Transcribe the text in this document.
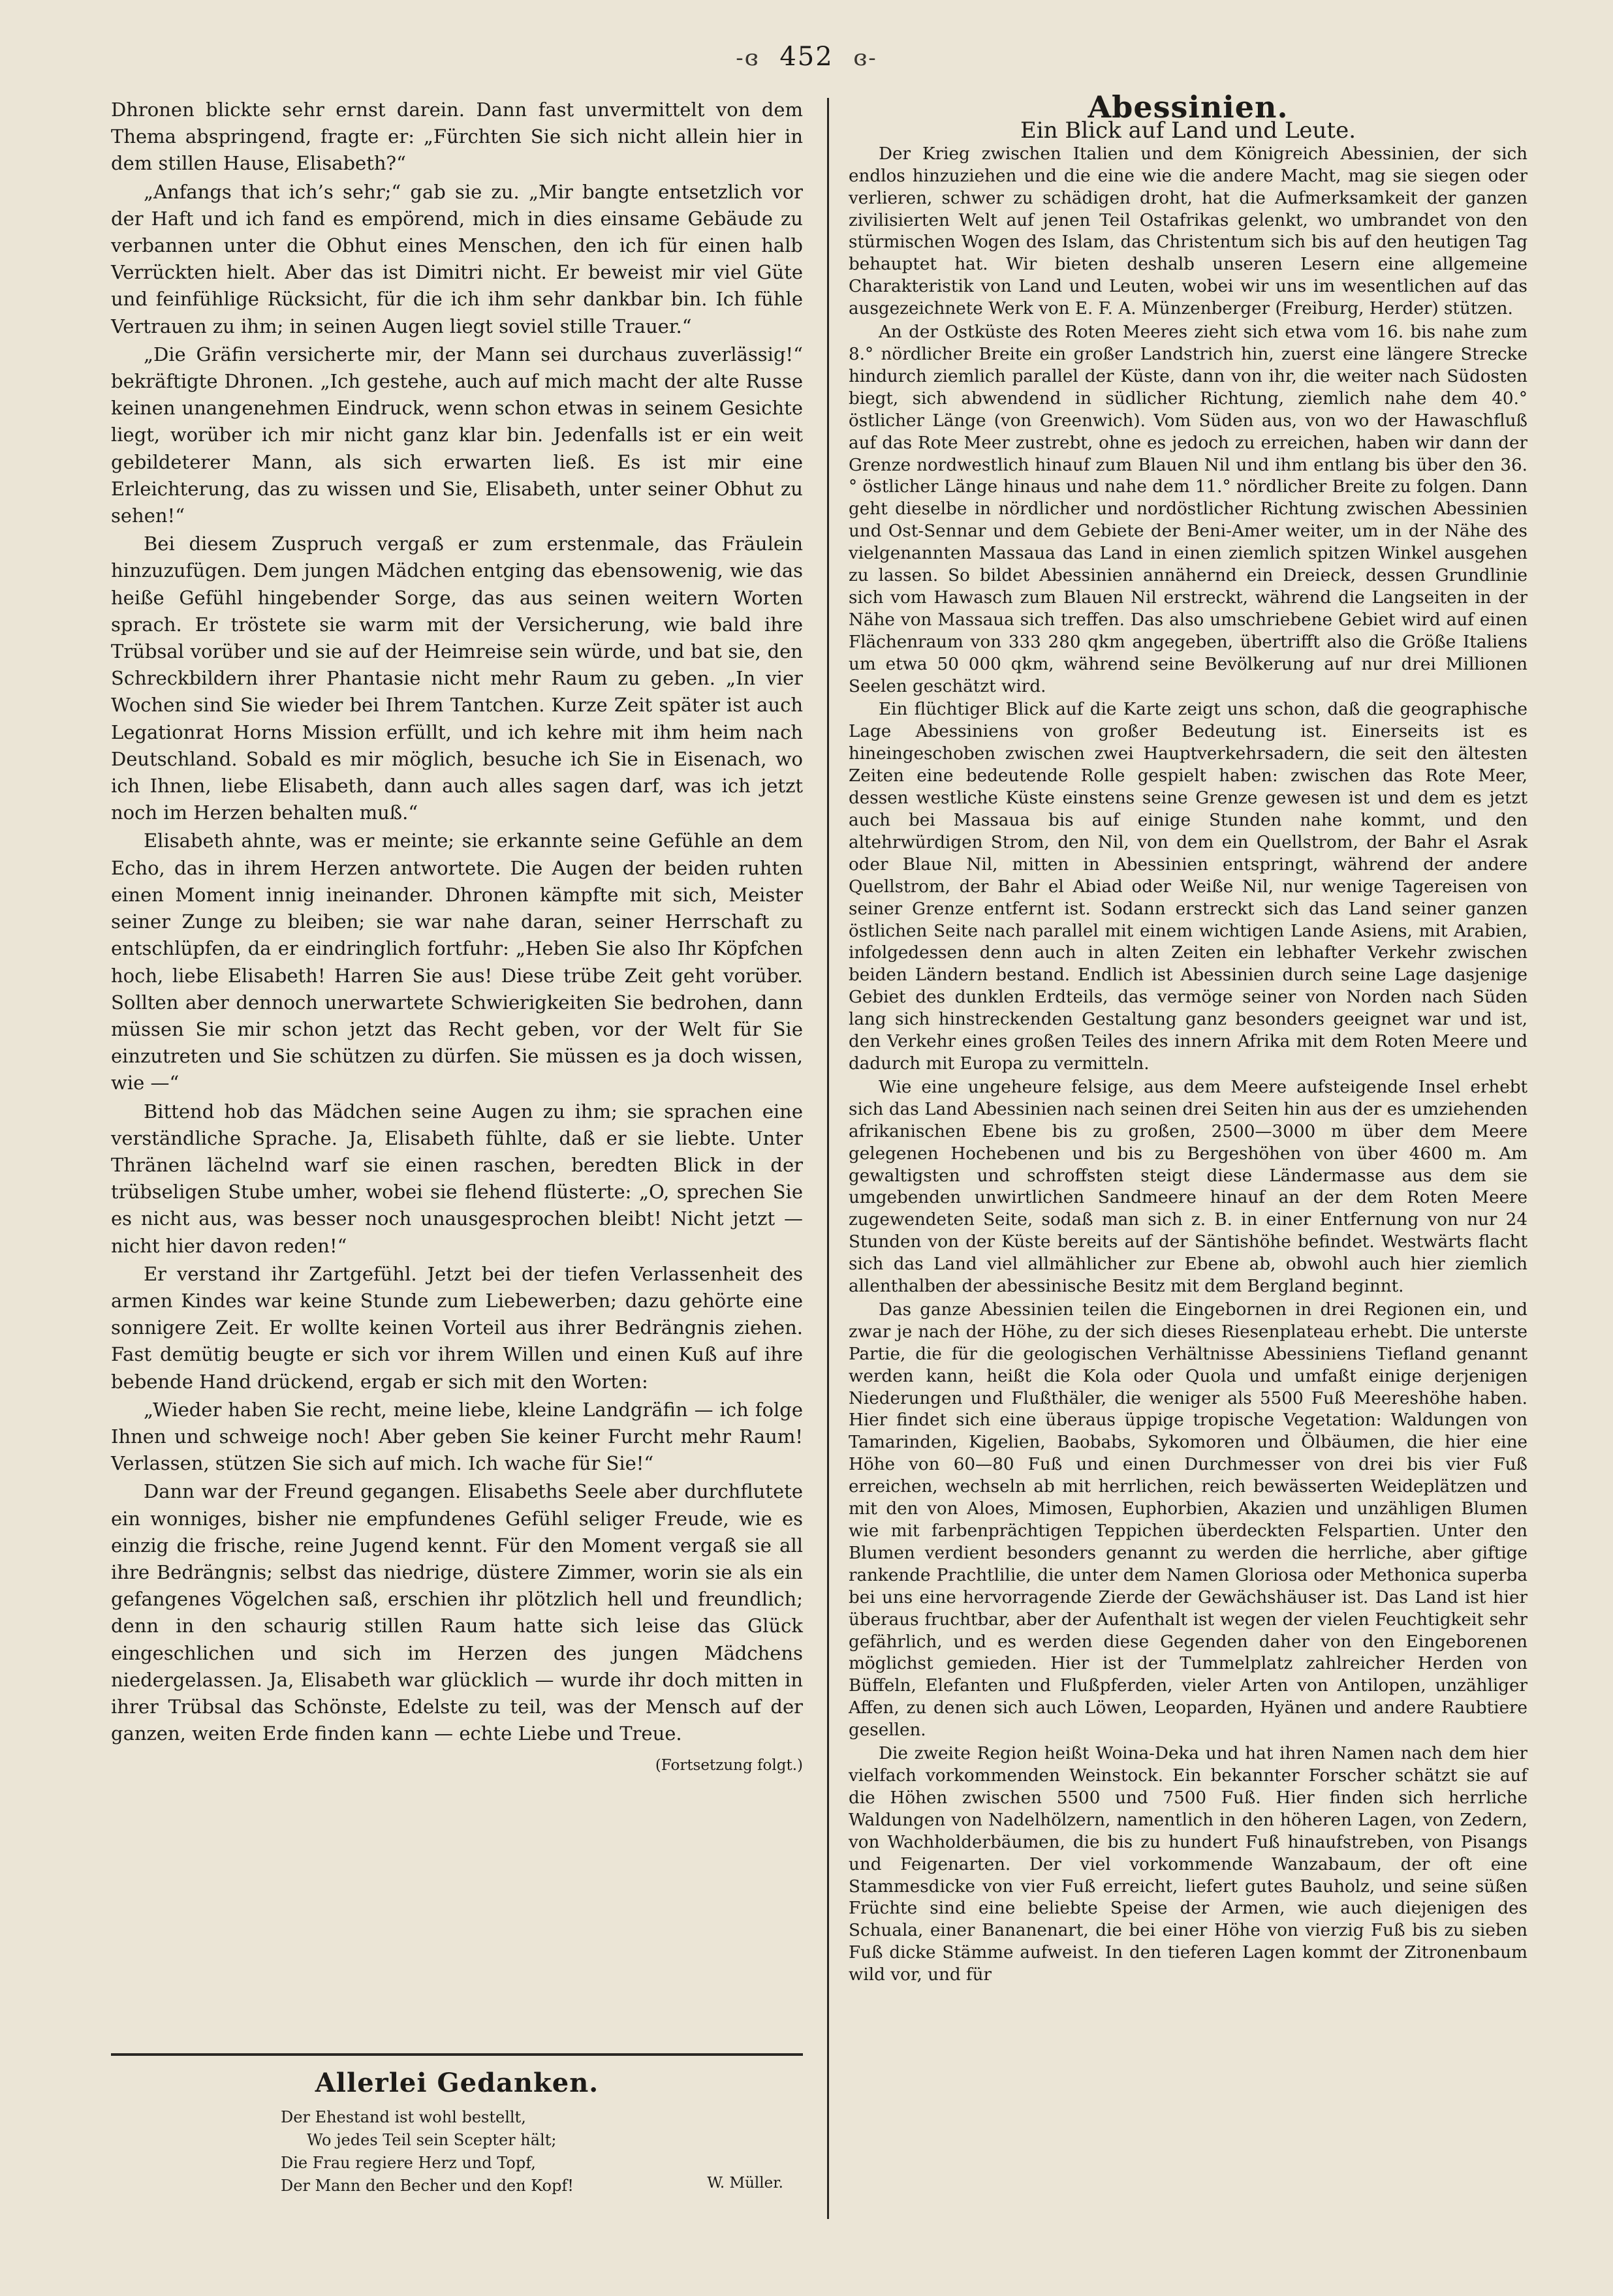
-ɞ 452 ɞ-

Dhronen blickte sehr ernst darein. Dann fast unvermittelt von dem Thema abspringend, fragte er: „Fürchten Sie sich nicht allein hier in dem stillen Hause, Elisabeth?“

„Anfangs that ich’s sehr;“ gab sie zu. „Mir bangte entsetzlich vor der Haft und ich fand es empörend, mich in dies einsame Gebäude zu verbannen unter die Obhut eines Menschen, den ich für einen halb Verrückten hielt. Aber das ist Dimitri nicht. Er beweist mir viel Güte und feinfühlige Rücksicht, für die ich ihm sehr dankbar bin. Ich fühle Vertrauen zu ihm; in seinen Augen liegt soviel stille Trauer.“

„Die Gräfin versicherte mir, der Mann sei durchaus zuverlässig!“ bekräftigte Dhronen. „Ich gestehe, auch auf mich macht der alte Russe keinen unangenehmen Eindruck, wenn schon etwas in seinem Gesichte liegt, worüber ich mir nicht ganz klar bin. Jedenfalls ist er ein weit gebildeterer Mann, als sich erwarten ließ. Es ist mir eine Erleichterung, das zu wissen und Sie, Elisabeth, unter seiner Obhut zu sehen!“

Bei diesem Zuspruch vergaß er zum erstenmale, das Fräulein hinzuzufügen. Dem jungen Mädchen entging das ebensowenig, wie das heiße Gefühl hingebender Sorge, das aus seinen weitern Worten sprach. Er tröstete sie warm mit der Versicherung, wie bald ihre Trübsal vorüber und sie auf der Heimreise sein würde, und bat sie, den Schreckbildern ihrer Phantasie nicht mehr Raum zu geben. „In vier Wochen sind Sie wieder bei Ihrem Tantchen. Kurze Zeit später ist auch Legationrat Horns Mission erfüllt, und ich kehre mit ihm heim nach Deutschland. Sobald es mir möglich, besuche ich Sie in Eisenach, wo ich Ihnen, liebe Elisabeth, dann auch alles sagen darf, was ich jetzt noch im Herzen behalten muß.“

Elisabeth ahnte, was er meinte; sie erkannte seine Gefühle an dem Echo, das in ihrem Herzen antwortete. Die Augen der beiden ruhten einen Moment innig ineinander. Dhronen kämpfte mit sich, Meister seiner Zunge zu bleiben; sie war nahe daran, seiner Herrschaft zu entschlüpfen, da er eindringlich fortfuhr: „Heben Sie also Ihr Köpfchen hoch, liebe Elisabeth! Harren Sie aus! Diese trübe Zeit geht vorüber. Sollten aber dennoch unerwartete Schwierigkeiten Sie bedrohen, dann müssen Sie mir schon jetzt das Recht geben, vor der Welt für Sie einzutreten und Sie schützen zu dürfen. Sie müssen es ja doch wissen, wie —“

Bittend hob das Mädchen seine Augen zu ihm; sie sprachen eine verständliche Sprache. Ja, Elisabeth fühlte, daß er sie liebte. Unter Thränen lächelnd warf sie einen raschen, beredten Blick in der trübseligen Stube umher, wobei sie flehend flüsterte: „O, sprechen Sie es nicht aus, was besser noch unausgesprochen bleibt! Nicht jetzt — nicht hier davon reden!“

Er verstand ihr Zartgefühl. Jetzt bei der tiefen Verlassenheit des armen Kindes war keine Stunde zum Liebewerben; dazu gehörte eine sonnigere Zeit. Er wollte keinen Vorteil aus ihrer Bedrängnis ziehen. Fast demütig beugte er sich vor ihrem Willen und einen Kuß auf ihre bebende Hand drückend, ergab er sich mit den Worten:

„Wieder haben Sie recht, meine liebe, kleine Landgräfin — ich folge Ihnen und schweige noch! Aber geben Sie keiner Furcht mehr Raum! Verlassen, stützen Sie sich auf mich. Ich wache für Sie!“

Dann war der Freund gegangen. Elisabeths Seele aber durchflutete ein wonniges, bisher nie empfundenes Gefühl seliger Freude, wie es einzig die frische, reine Jugend kennt. Für den Moment vergaß sie all ihre Bedrängnis; selbst das niedrige, düstere Zimmer, worin sie als ein gefangenes Vögelchen saß, erschien ihr plötzlich hell und freundlich; denn in den schaurig stillen Raum hatte sich leise das Glück eingeschlichen und sich im Herzen des jungen Mädchens niedergelassen. Ja, Elisabeth war glücklich — wurde ihr doch mitten in ihrer Trübsal das Schönste, Edelste zu teil, was der Mensch auf der ganzen, weiten Erde finden kann — echte Liebe und Treue.
(Fortsetzung folgt.)

Allerlei Gedanken.
Der Ehestand ist wohl bestellt,
Wo jedes Teil sein Scepter hält;
Die Frau regiere Herz und Topf,
Der Mann den Becher und den Kopf!	W. Müller.

Abessinien.

Ein Blick auf Land und Leute.

Der Krieg zwischen Italien und dem Königreich Abessinien, der sich endlos hinzuziehen und die eine wie die andere Macht, mag sie siegen oder verlieren, schwer zu schädigen droht, hat die Aufmerksamkeit der ganzen zivilisierten Welt auf jenen Teil Ostafrikas gelenkt, wo umbrandet von den stürmischen Wogen des Islam, das Christentum sich bis auf den heutigen Tag behauptet hat. Wir bieten deshalb unseren Lesern eine allgemeine Charakteristik von Land und Leuten, wobei wir uns im wesentlichen auf das ausgezeichnete Werk von E. F. A. Münzenberger (Freiburg, Herder) stützen.

An der Ostküste des Roten Meeres zieht sich etwa vom 16. bis nahe zum 8.° nördlicher Breite ein großer Landstrich hin, zuerst eine längere Strecke hindurch ziemlich parallel der Küste, dann von ihr, die weiter nach Südosten biegt, sich abwendend in südlicher Richtung, ziemlich nahe dem 40.° östlicher Länge (von Greenwich). Vom Süden aus, von wo der Hawaschfluß auf das Rote Meer zustrebt, ohne es jedoch zu erreichen, haben wir dann der Grenze nordwestlich hinauf zum Blauen Nil und ihm entlang bis über den 36.° östlicher Länge hinaus und nahe dem 11.° nördlicher Breite zu folgen. Dann geht dieselbe in nördlicher und nordöstlicher Richtung zwischen Abessinien und Ost-Sennar und dem Gebiete der Beni-Amer weiter, um in der Nähe des vielgenannten Massaua das Land in einen ziemlich spitzen Winkel ausgehen zu lassen. So bildet Abessinien annähernd ein Dreieck, dessen Grundlinie sich vom Hawasch zum Blauen Nil erstreckt, während die Langseiten in der Nähe von Massaua sich treffen. Das also umschriebene Gebiet wird auf einen Flächenraum von 333 280 qkm angegeben, übertrifft also die Größe Italiens um etwa 50 000 qkm, während seine Bevölkerung auf nur drei Millionen Seelen geschätzt wird.

Ein flüchtiger Blick auf die Karte zeigt uns schon, daß die geographische Lage Abessiniens von großer Bedeutung ist. Einerseits ist es hineingeschoben zwischen zwei Hauptverkehrsadern, die seit den ältesten Zeiten eine bedeutende Rolle gespielt haben: zwischen das Rote Meer, dessen westliche Küste einstens seine Grenze gewesen ist und dem es jetzt auch bei Massaua bis auf einige Stunden nahe kommt, und den altehrwürdigen Strom, den Nil, von dem ein Quellstrom, der Bahr el Asrak oder Blaue Nil, mitten in Abessinien entspringt, während der andere Quellstrom, der Bahr el Abiad oder Weiße Nil, nur wenige Tagereisen von seiner Grenze entfernt ist. Sodann erstreckt sich das Land seiner ganzen östlichen Seite nach parallel mit einem wichtigen Lande Asiens, mit Arabien, infolgedessen denn auch in alten Zeiten ein lebhafter Verkehr zwischen beiden Ländern bestand. Endlich ist Abessinien durch seine Lage dasjenige Gebiet des dunklen Erdteils, das vermöge seiner von Norden nach Süden lang sich hinstreckenden Gestaltung ganz besonders geeignet war und ist, den Verkehr eines großen Teiles des innern Afrika mit dem Roten Meere und dadurch mit Europa zu vermitteln.

Wie eine ungeheure felsige, aus dem Meere aufsteigende Insel erhebt sich das Land Abessinien nach seinen drei Seiten hin aus der es umziehenden afrikanischen Ebene bis zu großen, 2500—3000 m über dem Meere gelegenen Hochebenen und bis zu Bergeshöhen von über 4600 m. Am gewaltigsten und schroffsten steigt diese Ländermasse aus dem sie umgebenden unwirtlichen Sandmeere hinauf an der dem Roten Meere zugewendeten Seite, sodaß man sich z. B. in einer Entfernung von nur 24 Stunden von der Küste bereits auf der Säntishöhe befindet. Westwärts flacht sich das Land viel allmählicher zur Ebene ab, obwohl auch hier ziemlich allenthalben der abessinische Besitz mit dem Bergland beginnt.

Das ganze Abessinien teilen die Eingebornen in drei Regionen ein, und zwar je nach der Höhe, zu der sich dieses Riesenplateau erhebt. Die unterste Partie, die für die geologischen Verhältnisse Abessiniens Tiefland genannt werden kann, heißt die Kola oder Quola und umfaßt einige derjenigen Niederungen und Flußthäler, die weniger als 5500 Fuß Meereshöhe haben. Hier findet sich eine überaus üppige tropische Vegetation: Waldungen von Tamarinden, Kigelien, Baobabs, Sykomoren und Ölbäumen, die hier eine Höhe von 60—80 Fuß und einen Durchmesser von drei bis vier Fuß erreichen, wechseln ab mit herrlichen, reich bewässerten Weideplätzen und mit den von Aloes, Mimosen, Euphorbien, Akazien und unzähligen Blumen wie mit farbenprächtigen Teppichen überdeckten Felspartien. Unter den Blumen verdient besonders genannt zu werden die herrliche, aber giftige rankende Prachtlilie, die unter dem Namen Gloriosa oder Methonica superba bei uns eine hervorragende Zierde der Gewächshäuser ist. Das Land ist hier überaus fruchtbar, aber der Aufenthalt ist wegen der vielen Feuchtigkeit sehr gefährlich, und es werden diese Gegenden daher von den Eingeborenen möglichst gemieden. Hier ist der Tummelplatz zahlreicher Herden von Büffeln, Elefanten und Flußpferden, vieler Arten von Antilopen, unzähliger Affen, zu denen sich auch Löwen, Leoparden, Hyänen und andere Raubtiere gesellen.

Die zweite Region heißt Woina-Deka und hat ihren Namen nach dem hier vielfach vorkommenden Weinstock. Ein bekannter Forscher schätzt sie auf die Höhen zwischen 5500 und 7500 Fuß. Hier finden sich herrliche Waldungen von Nadelhölzern, namentlich in den höheren Lagen, von Zedern, von Wachholderbäumen, die bis zu hundert Fuß hinaufstreben, von Pisangs und Feigenarten. Der viel vorkommende Wanzabaum, der oft eine Stammesdicke von vier Fuß erreicht, liefert gutes Bauholz, und seine süßen Früchte sind eine beliebte Speise der Armen, wie auch diejenigen des Schuala, einer Bananenart, die bei einer Höhe von vierzig Fuß bis zu sieben Fuß dicke Stämme aufweist. In den tieferen Lagen kommt der Zitronenbaum wild vor, und für
